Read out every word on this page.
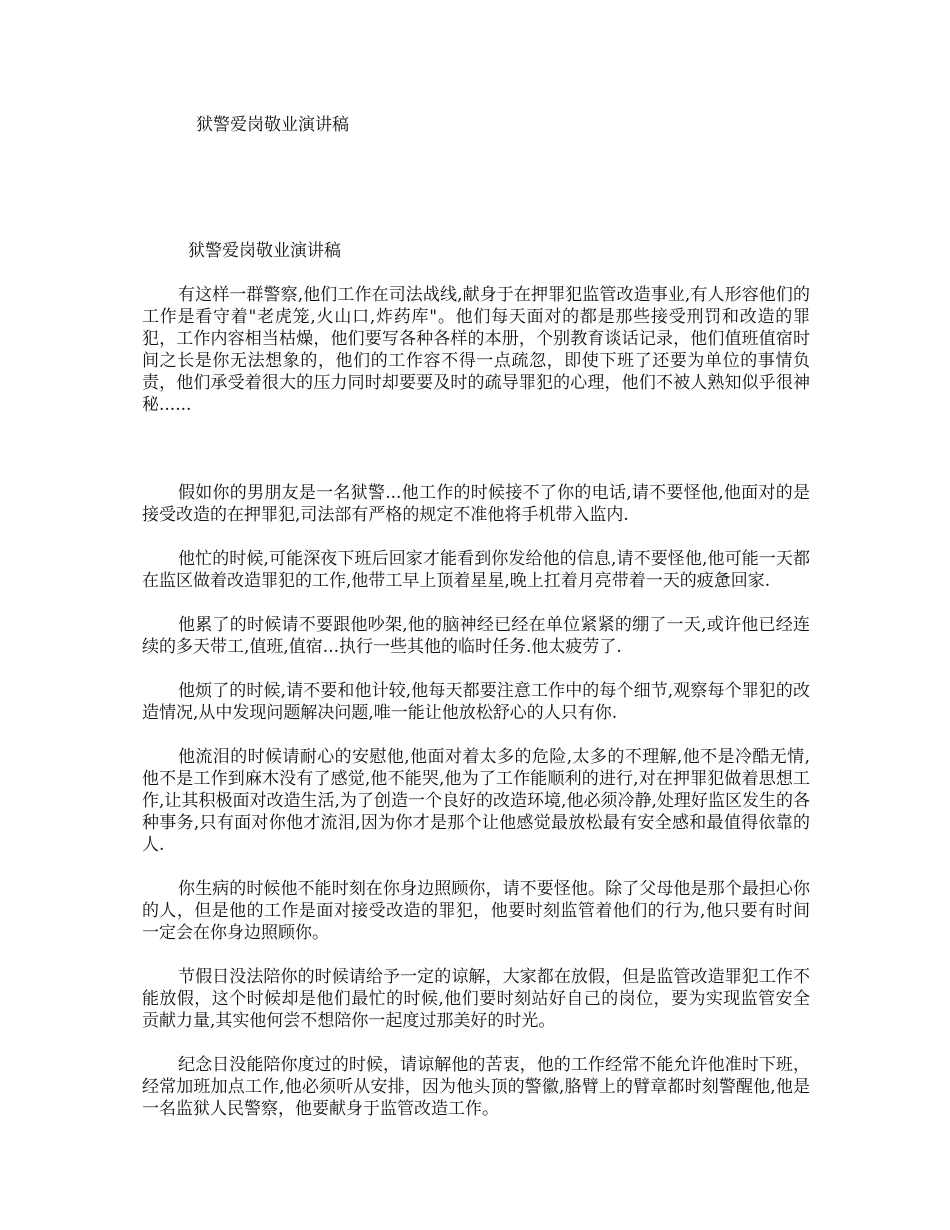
狱警爱岗敬业演讲稿
狱警爱岗敬业演讲稿

有这样一群警察,他们工作在司法战线,献身于在押罪犯监管改造事业,有人形容他们的工作是看守着"老虎笼,火山口,炸药库"。他们每天面对的都是那些接受刑罚和改造的罪犯，工作内容相当枯燥，他们要写各种各样的本册，个别教育谈话记录，他们值班值宿时间之长是你无法想象的，他们的工作容不得一点疏忽，即使下班了还要为单位的事情负责，他们承受着很大的压力同时却要要及时的疏导罪犯的心理，他们不被人熟知似乎很神秘......

假如你的男朋友是一名狱警...他工作的时候接不了你的电话,请不要怪他,他面对的是接受改造的在押罪犯,司法部有严格的规定不准他将手机带入监内.

他忙的时候,可能深夜下班后回家才能看到你发给他的信息,请不要怪他,他可能一天都在监区做着改造罪犯的工作,他带工早上顶着星星,晚上扛着月亮带着一天的疲惫回家.

他累了的时候请不要跟他吵架,他的脑神经已经在单位紧紧的绷了一天,或许他已经连续的多天带工,值班,值宿...执行一些其他的临时任务.他太疲劳了.

他烦了的时候,请不要和他计较,他每天都要注意工作中的每个细节,观察每个罪犯的改造情况,从中发现问题解决问题,唯一能让他放松舒心的人只有你.

他流泪的时候请耐心的安慰他,他面对着太多的危险,太多的不理解,他不是冷酷无情,他不是工作到麻木没有了感觉,他不能哭,他为了工作能顺利的进行,对在押罪犯做着思想工作,让其积极面对改造生活,为了创造一个良好的改造环境,他必须冷静,处理好监区发生的各种事务,只有面对你他才流泪,因为你才是那个让他感觉最放松最有安全感和最值得依靠的人.

你生病的时候他不能时刻在你身边照顾你，请不要怪他。除了父母他是那个最担心你的人，但是他的工作是面对接受改造的罪犯，他要时刻监管着他们的行为,他只要有时间一定会在你身边照顾你。

节假日没法陪你的时候请给予一定的谅解，大家都在放假，但是监管改造罪犯工作不能放假，这个时候却是他们最忙的时候,他们要时刻站好自己的岗位，要为实现监管安全贡献力量,其实他何尝不想陪你一起度过那美好的时光。

纪念日没能陪你度过的时候，请谅解他的苦衷，他的工作经常不能允许他准时下班，经常加班加点工作,他必须听从安排，因为他头顶的警徽,胳臂上的臂章都时刻警醒他,他是一名监狱人民警察，他要献身于监管改造工作。
